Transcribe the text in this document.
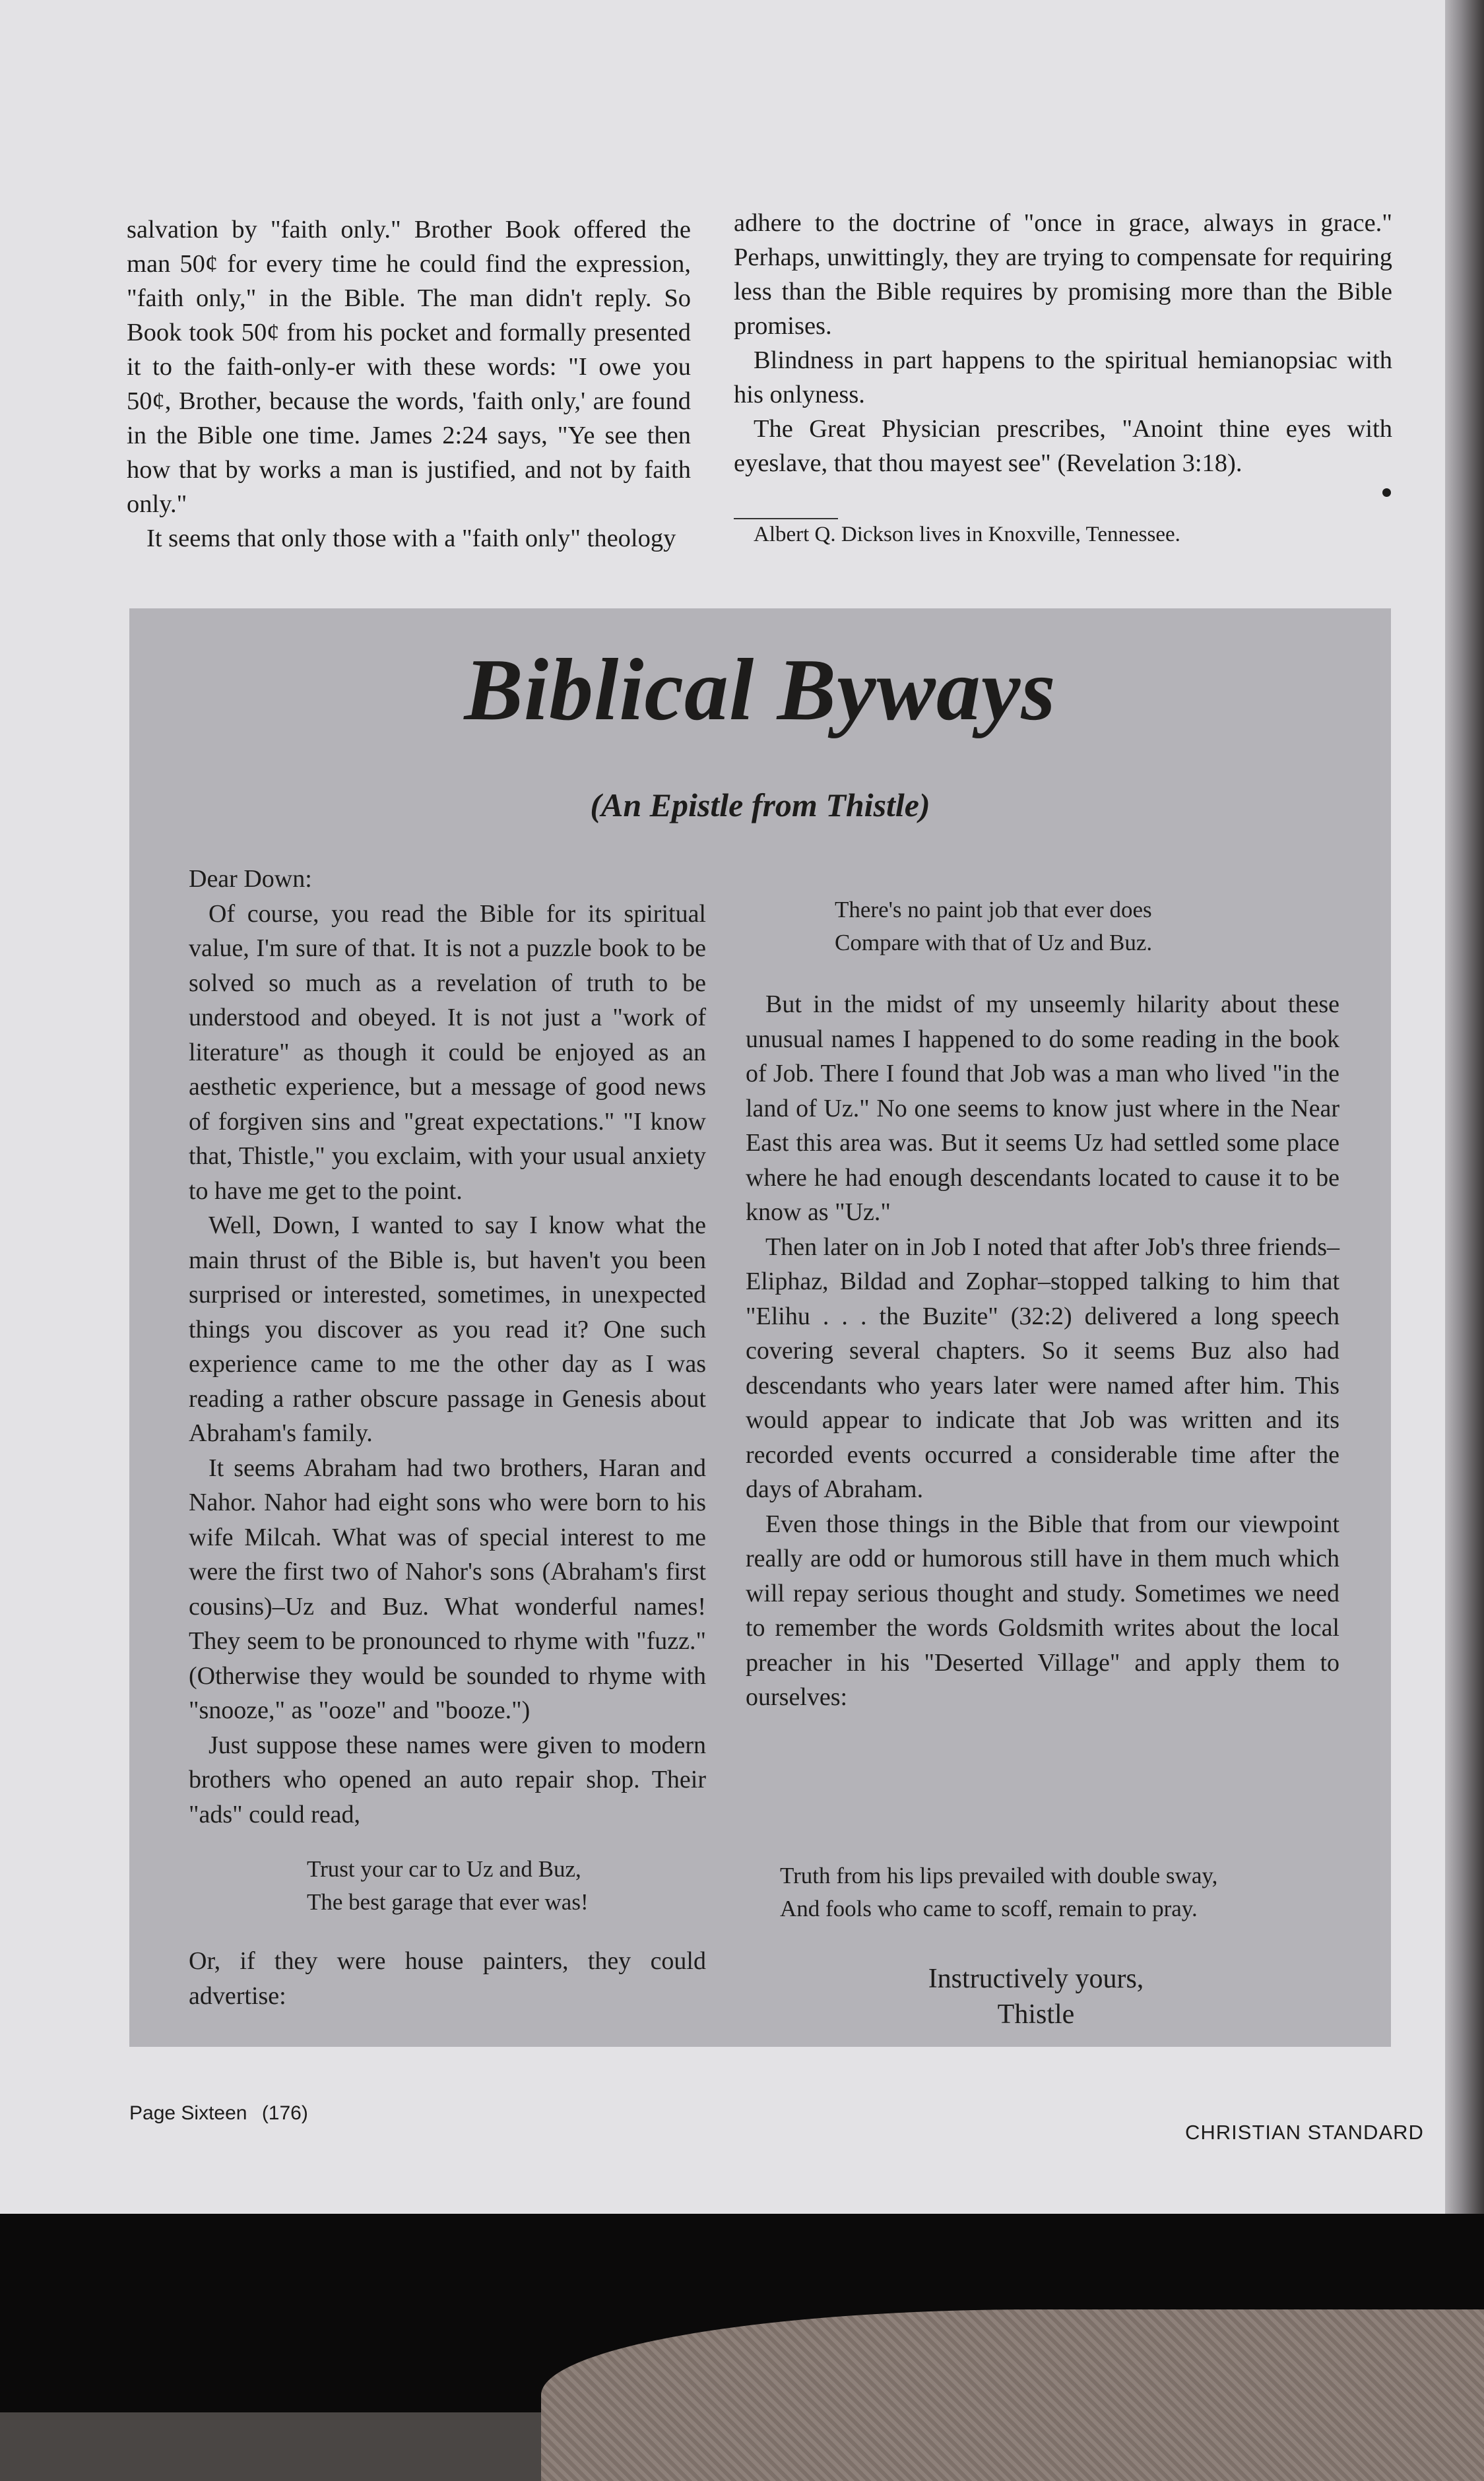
salvation by "faith only." Brother Book offered the man 50¢ for every time he could find the expression, "faith only," in the Bible. The man didn't reply. So Book took 50¢ from his pocket and formally presented it to the faith-only-er with these words: "I owe you 50¢, Brother, because the words, 'faith only,' are found in the Bible one time. James 2:24 says, "Ye see then how that by works a man is justified, and not by faith only."

It seems that only those with a "faith only" theology

adhere to the doctrine of "once in grace, always in grace." Perhaps, unwittingly, they are trying to compensate for requiring less than the Bible requires by promising more than the Bible promises.

Blindness in part happens to the spiritual hemianopsiac with his onlyness.

The Great Physician prescribes, "Anoint thine eyes with eyeslave, that thou mayest see" (Revelation 3:18).

Albert Q. Dickson lives in Knoxville, Tennessee.
Biblical Byways
(An Epistle from Thistle)

Dear Down:

Of course, you read the Bible for its spiritual value, I'm sure of that. It is not a puzzle book to be solved so much as a revelation of truth to be understood and obeyed. It is not just a "work of literature" as though it could be enjoyed as an aesthetic experience, but a message of good news of forgiven sins and "great expectations." "I know that, Thistle," you exclaim, with your usual anxiety to have me get to the point.

Well, Down, I wanted to say I know what the main thrust of the Bible is, but haven't you been surprised or interested, sometimes, in unexpected things you discover as you read it? One such experience came to me the other day as I was reading a rather obscure passage in Genesis about Abraham's family.

It seems Abraham had two brothers, Haran and Nahor. Nahor had eight sons who were born to his wife Milcah. What was of special interest to me were the first two of Nahor's sons (Abraham's first cousins)–Uz and Buz. What wonderful names! They seem to be pronounced to rhyme with "fuzz." (Otherwise they would be sounded to rhyme with "snooze," as "ooze" and "booze.")

Just suppose these names were given to modern brothers who opened an auto repair shop. Their "ads" could read,

Trust your car to Uz and Buz,
The best garage that ever was!

Or, if they were house painters, they could advertise:

There's no paint job that ever does
Compare with that of Uz and Buz.

But in the midst of my unseemly hilarity about these unusual names I happened to do some reading in the book of Job. There I found that Job was a man who lived "in the land of Uz." No one seems to know just where in the Near East this area was. But it seems Uz had settled some place where he had enough descendants located to cause it to be know as "Uz."

Then later on in Job I noted that after Job's three friends–Eliphaz, Bildad and Zophar–stopped talking to him that "Elihu . . . the Buzite" (32:2) delivered a long speech covering several chapters. So it seems Buz also had descendants who years later were named after him. This would appear to indicate that Job was written and its recorded events occurred a considerable time after the days of Abraham.

Even those things in the Bible that from our viewpoint really are odd or humorous still have in them much which will repay serious thought and study. Sometimes we need to remember the words Goldsmith writes about the local preacher in his "Deserted Village" and apply them to ourselves:

Truth from his lips prevailed with double sway,
And fools who came to scoff, remain to pray.
Instructively yours,
Thistle
Page Sixteen (176)
CHRISTIAN STANDARD
